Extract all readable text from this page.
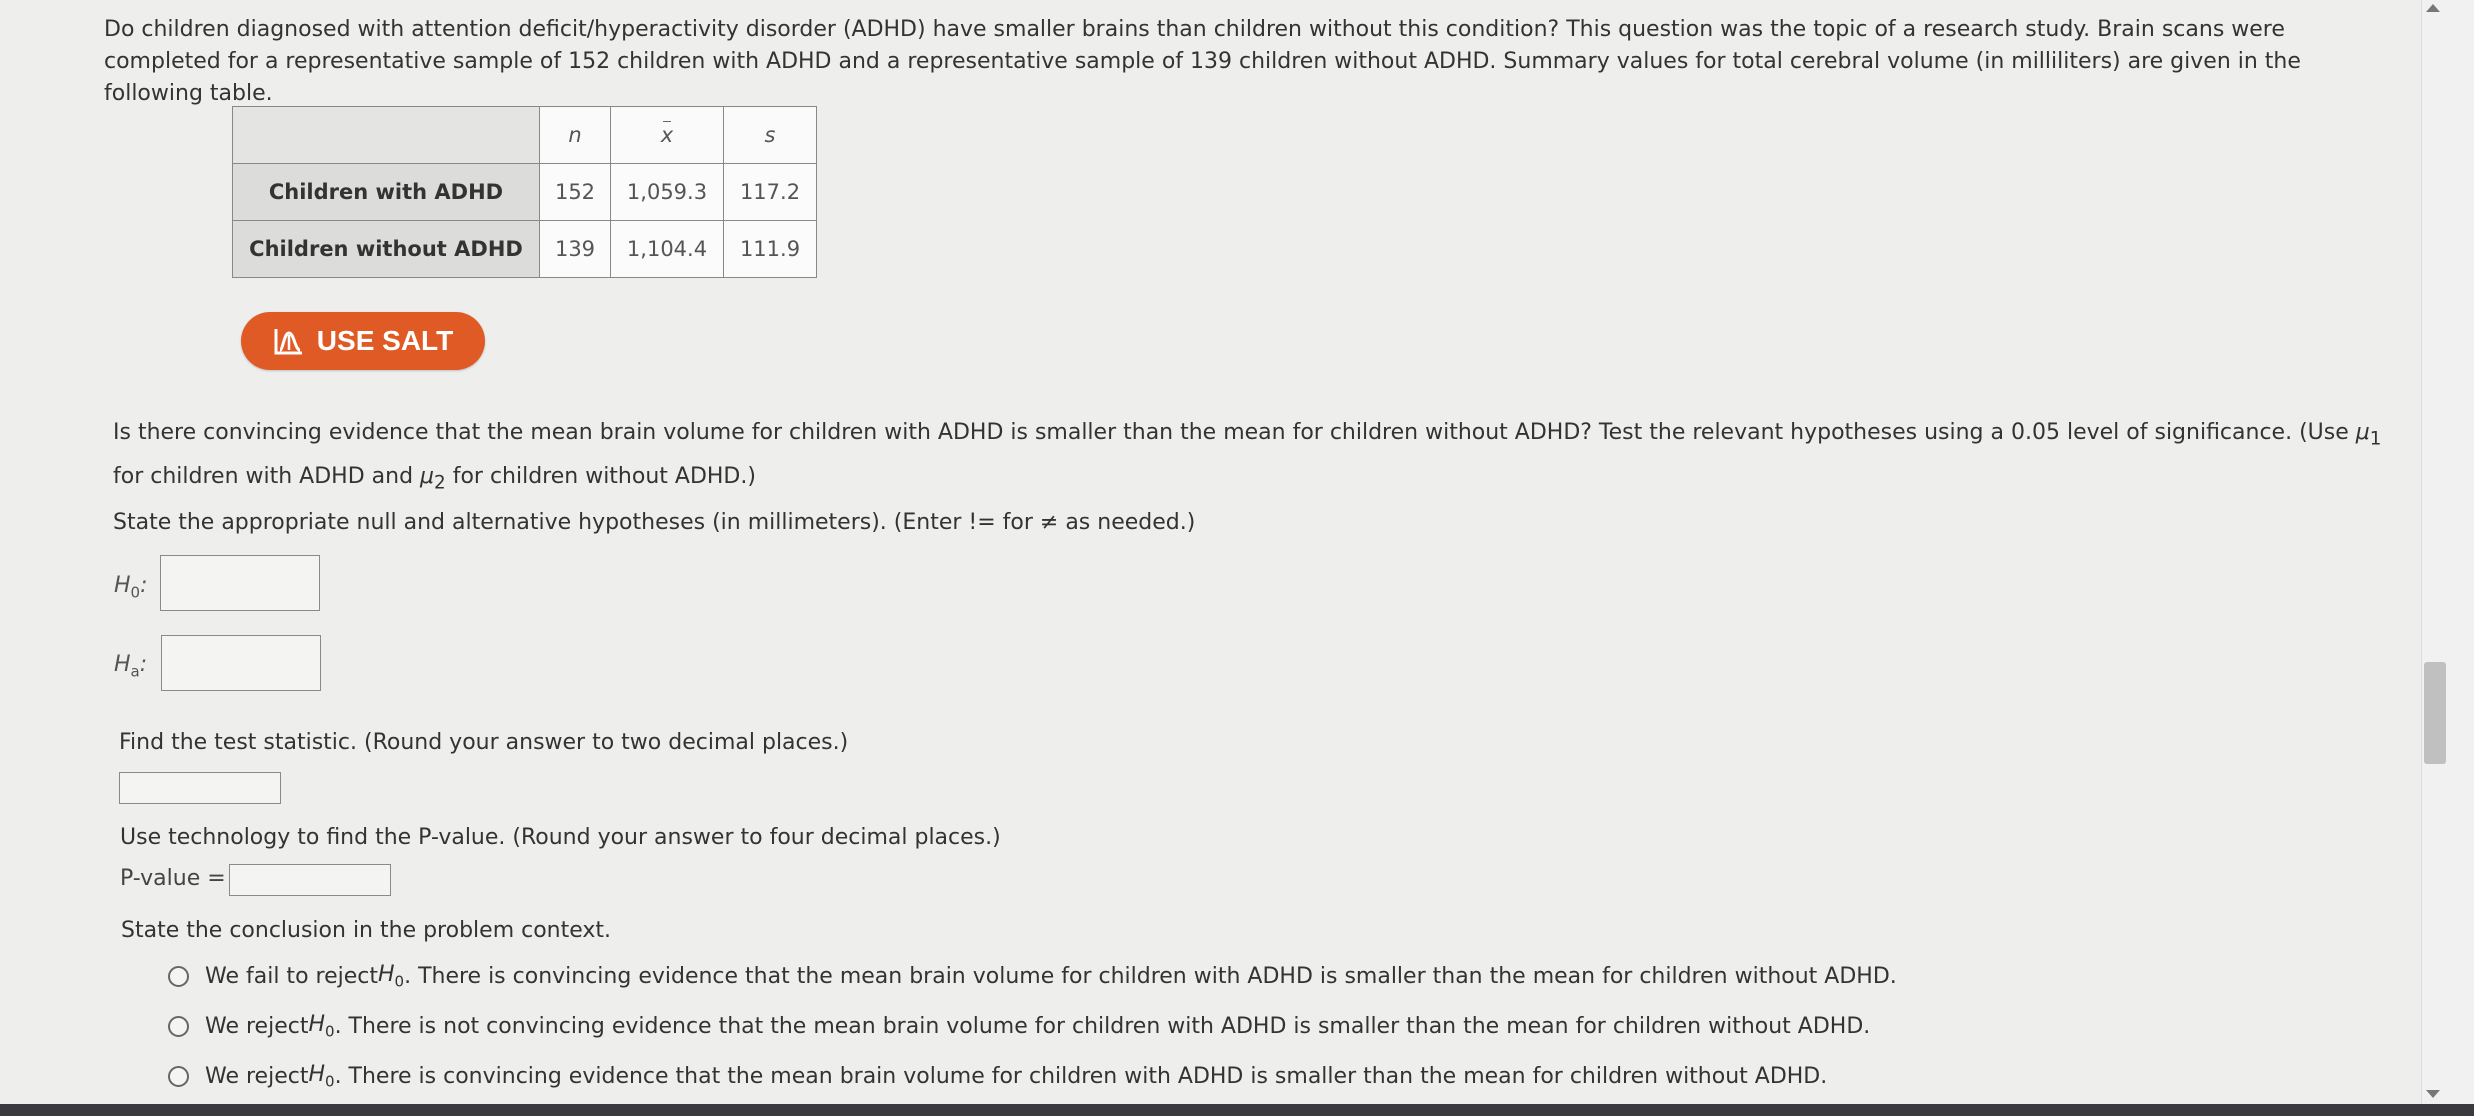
Do children diagnosed with attention deficit/hyperactivity disorder (ADHD) have smaller brains than children without this condition? This question was the topic of a research study. Brain scans were completed for a representative sample of 152 children with ADHD and a representative sample of 139 children without ADHD. Summary values for total cerebral volume (in milliliters) are given in the following table.
	n	x	s
Children with ADHD	152	1,059.3	117.2
Children without ADHD	139	1,104.4	111.9
USE SALT
Is there convincing evidence that the mean brain volume for children with ADHD is smaller than the mean for children without ADHD? Test the relevant hypotheses using a 0.05 level of significance. (Use $\mu_1$ for children with ADHD and $\mu_2$ for children without ADHD.)
State the appropriate null and alternative hypotheses (in millimeters). (Enter != for ≠ as needed.)
$H_0$:
$H_a$:
Find the test statistic. (Round your answer to two decimal places.)
Use technology to find the P-value. (Round your answer to four decimal places.)
P-value =
State the conclusion in the problem context.
We fail to reject $H_0$ . There is convincing evidence that the mean brain volume for children with ADHD is smaller than the mean for children without ADHD.
We reject $H_0$ . There is not convincing evidence that the mean brain volume for children with ADHD is smaller than the mean for children without ADHD.
We reject $H_0$ . There is convincing evidence that the mean brain volume for children with ADHD is smaller than the mean for children without ADHD.
